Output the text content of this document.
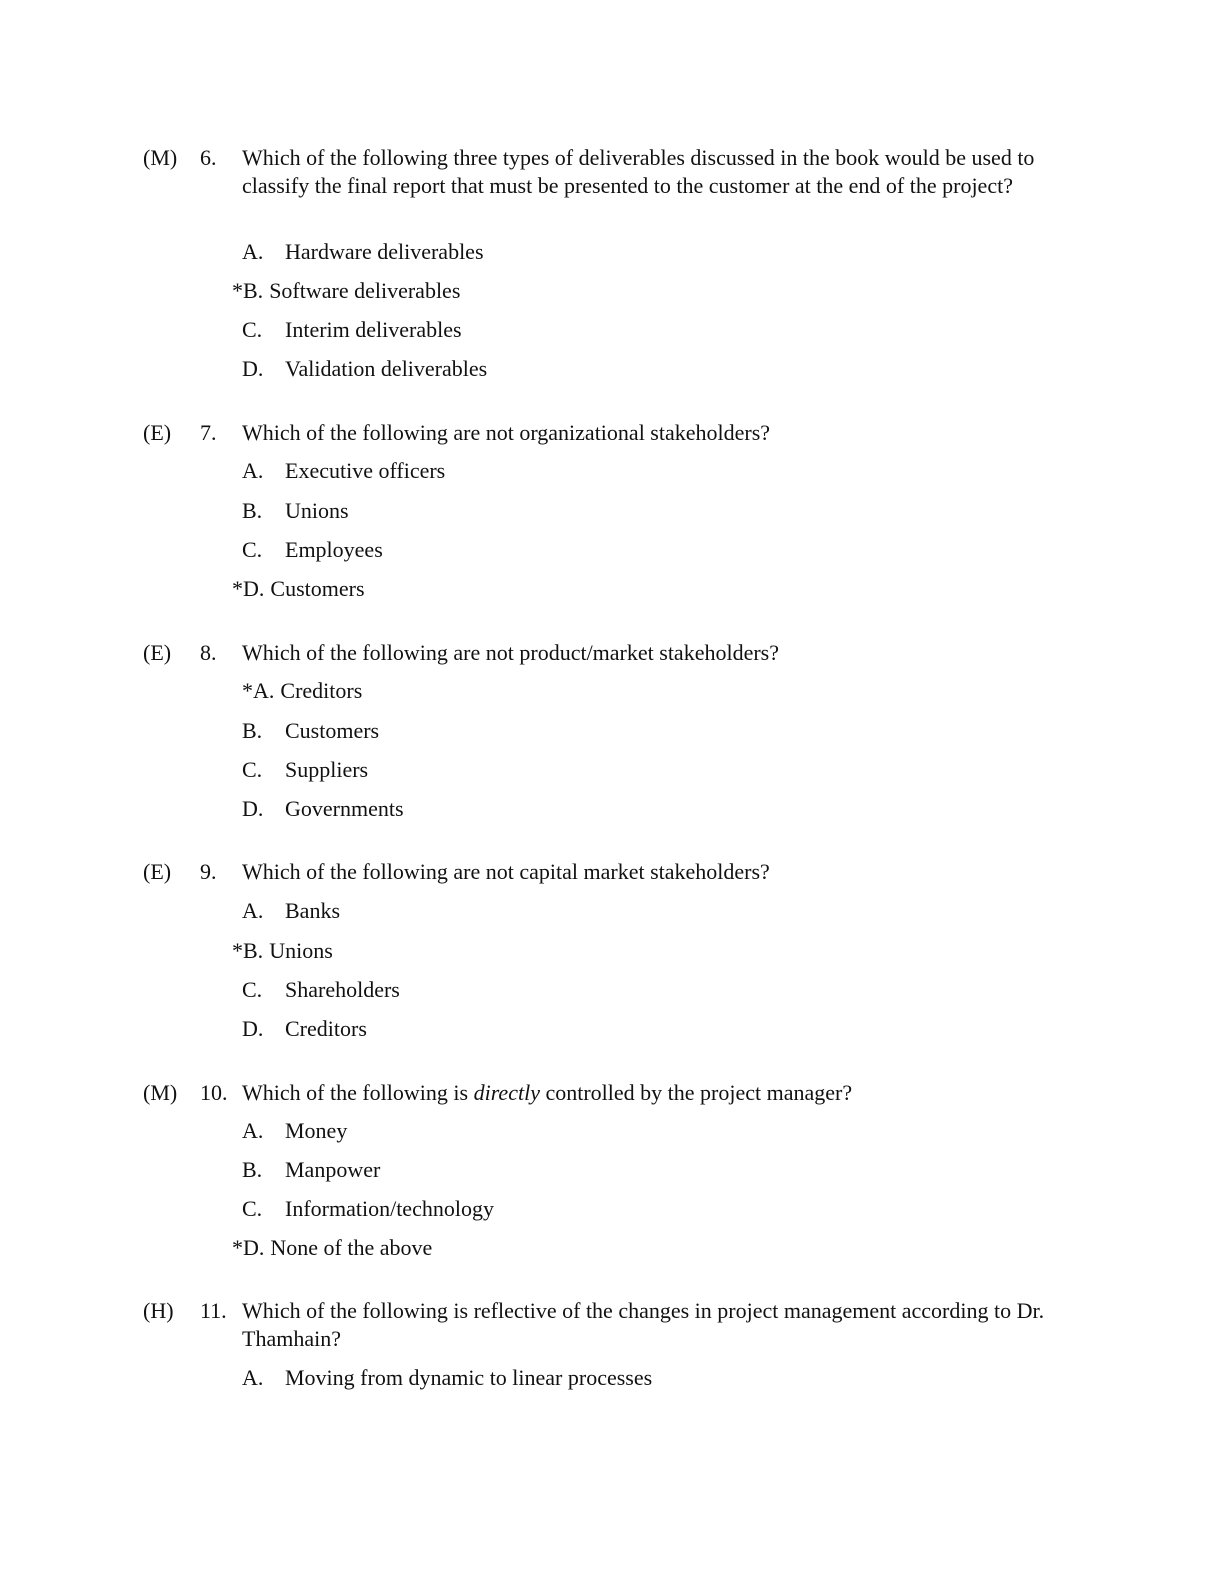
(M) 6. Which of the following three types of deliverables discussed in the book would be used to classify the final report that must be presented to the customer at the end of the project?
A. Hardware deliverables
*B. Software deliverables
C. Interim deliverables
D. Validation deliverables
(E) 7. Which of the following are not organizational stakeholders?
A. Executive officers
B. Unions
C. Employees
*D. Customers
(E) 8. Which of the following are not product/market stakeholders?
*A. Creditors
B. Customers
C. Suppliers
D. Governments
(E) 9. Which of the following are not capital market stakeholders?
A. Banks
*B. Unions
C. Shareholders
D. Creditors
(M) 10. Which of the following is directly controlled by the project manager?
A. Money
B. Manpower
C. Information/technology
*D. None of the above
(H) 11. Which of the following is reflective of the changes in project management according to Dr. Thamhain?
A. Moving from dynamic to linear processes
